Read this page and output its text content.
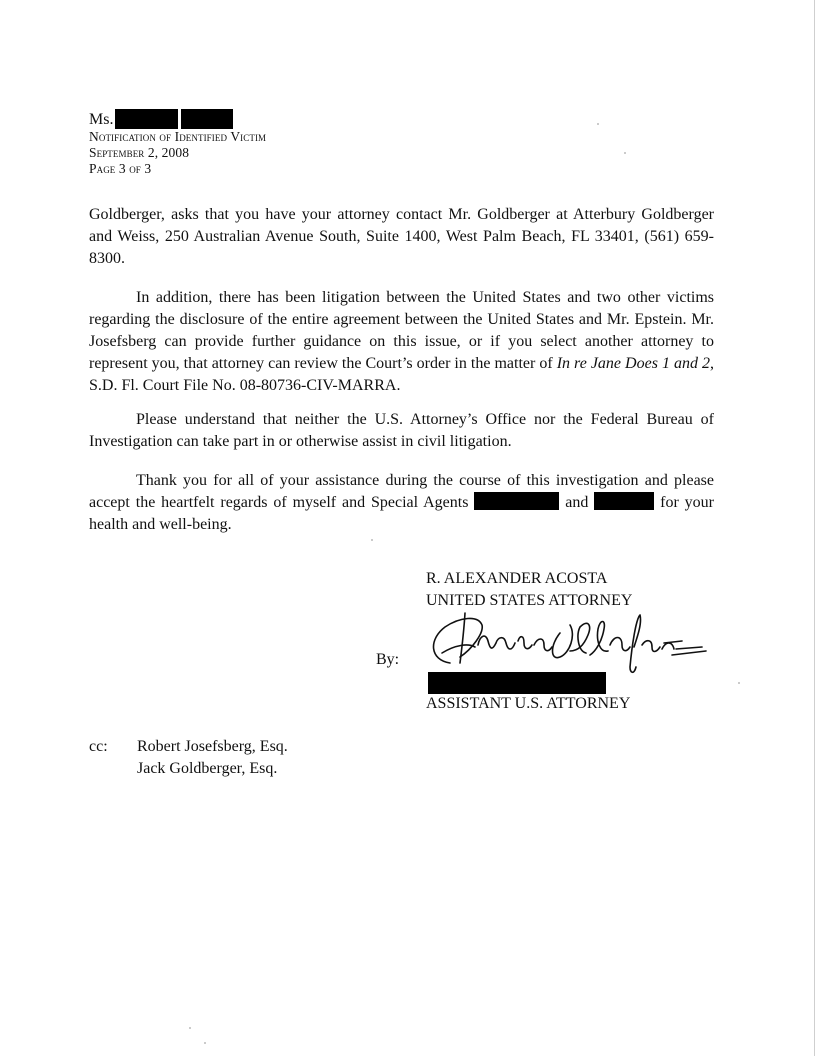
Ms.
Notification of Identified Victim
September 2, 2008
Page 3 of 3
Goldberger, asks that you have your attorney contact Mr. Goldberger at Atterbury Goldberger and Weiss, 250 Australian Avenue South, Suite 1400, West Palm Beach, FL 33401, (561) 659-8300.
In addition, there has been litigation between the United States and two other victims regarding the disclosure of the entire agreement between the United States and Mr. Epstein. Mr. Josefsberg can provide further guidance on this issue, or if you select another attorney to represent you, that attorney can review the Court’s order in the matter of In re Jane Does 1 and 2, S.D. Fl. Court File No. 08-80736-CIV-MARRA.
Please understand that neither the U.S. Attorney’s Office nor the Federal Bureau of Investigation can take part in or otherwise assist in civil litigation.
Thank you for all of your assistance during the course of this investigation and please accept the heartfelt regards of myself and Special Agents	and	for your health and well-being.
R. ALEXANDER ACOSTA
UNITED STATES ATTORNEY
By:
ASSISTANT U.S. ATTORNEY
cc: Robert Josefsberg, Esq.
Jack Goldberger, Esq.
